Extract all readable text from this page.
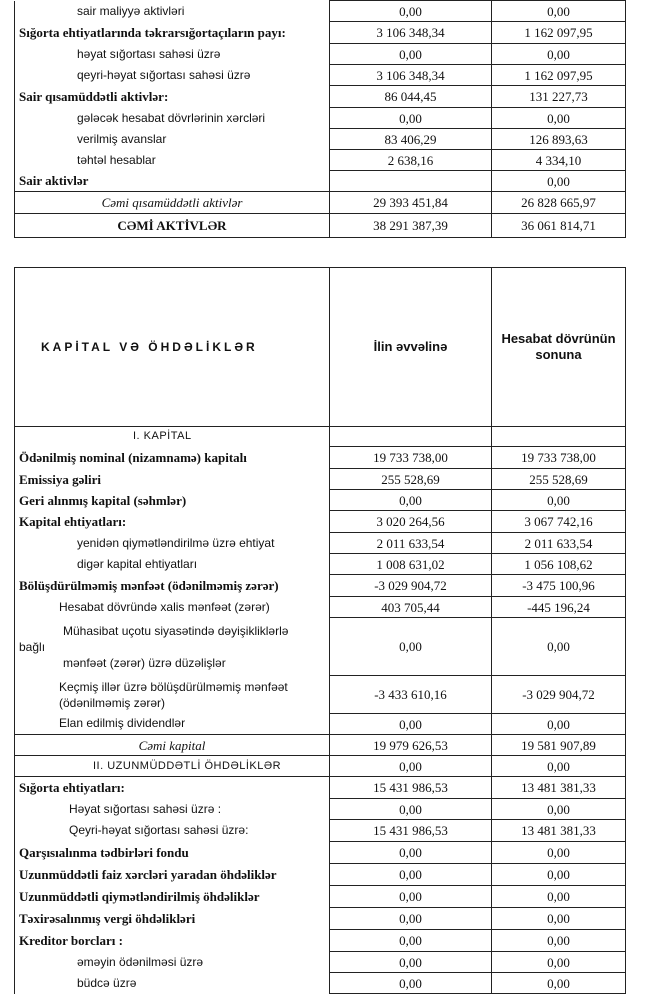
sair maliyyə aktivləri	0,00	0,00
Sığorta ehtiyatlarında təkrarsığortaçıların payı:	3 106 348,34	1 162 097,95
həyat sığortası sahəsi üzrə	0,00	0,00
qeyri-həyat sığortası sahəsi üzrə	3 106 348,34	1 162 097,95
Sair qısamüddətli aktivlər:	86 044,45	131 227,73
gələcək hesabat dövrlərinin xərcləri	0,00	0,00
verilmiş avanslar	83 406,29	126 893,63
təhtəl hesablar	2 638,16	4 334,10
Sair aktivlər		0,00
Cəmi qısamüddətli aktivlər	29 393 451,84	26 828 665,97
CƏMİ AKTİVLƏR	38 291 387,39	36 061 814,71
KAPİTAL VƏ ÖHDƏLİKLƏR	İlin əvvəlinə	Hesabat dövrünün sonuna
I. KAPİTAL		
Ödənilmiş nominal (nizamnamə) kapitalı	19 733 738,00	19 733 738,00
Emissiya gəliri	255 528,69	255 528,69
Geri alınmış kapital (səhmlər)	0,00	0,00
Kapital ehtiyatları:	3 020 264,56	3 067 742,16
yenidən qiymətləndirilmə üzrə ehtiyat	2 011 633,54	2 011 633,54
digər kapital ehtiyatları	1 008 631,02	1 056 108,62
Bölüşdürülməmiş mənfəət (ödənilməmiş zərər)	-3 029 904,72	-3 475 100,96
Hesabat dövründə xalis mənfəət (zərər)	403 705,44	-445 196,24

Mühasibat uçotu siyasətində dəyişikliklərlə
bağlı
mənfəət (zərər) üzrə düzəlişlər	0,00	0,00

Keçmiş illər üzrə bölüşdürülməmiş mənfəət
(ödənilməmiş zərər)	-3 433 610,16	-3 029 904,72
Elan edilmiş dividendlər	0,00	0,00
Cəmi kapital	19 979 626,53	19 581 907,89
II. UZUNMÜDDƏTLİ ÖHDƏLİKLƏR	0,00	0,00
Sığorta ehtiyatları:	15 431 986,53	13 481 381,33
Həyat sığortası sahəsi üzrə :	0,00	0,00
Qeyri-həyat sığortası sahəsi üzrə:	15 431 986,53	13 481 381,33
Qarşısıalınma tədbirləri fondu	0,00	0,00
Uzunmüddətli faiz xərcləri yaradan öhdəliklər	0,00	0,00
Uzunmüddətli qiymətləndirilmiş öhdəliklər	0,00	0,00
Təxirəsalınmış vergi öhdəlikləri	0,00	0,00
Kreditor borcları :	0,00	0,00
əməyin ödənilməsi üzrə	0,00	0,00
büdcə üzrə	0,00	0,00
